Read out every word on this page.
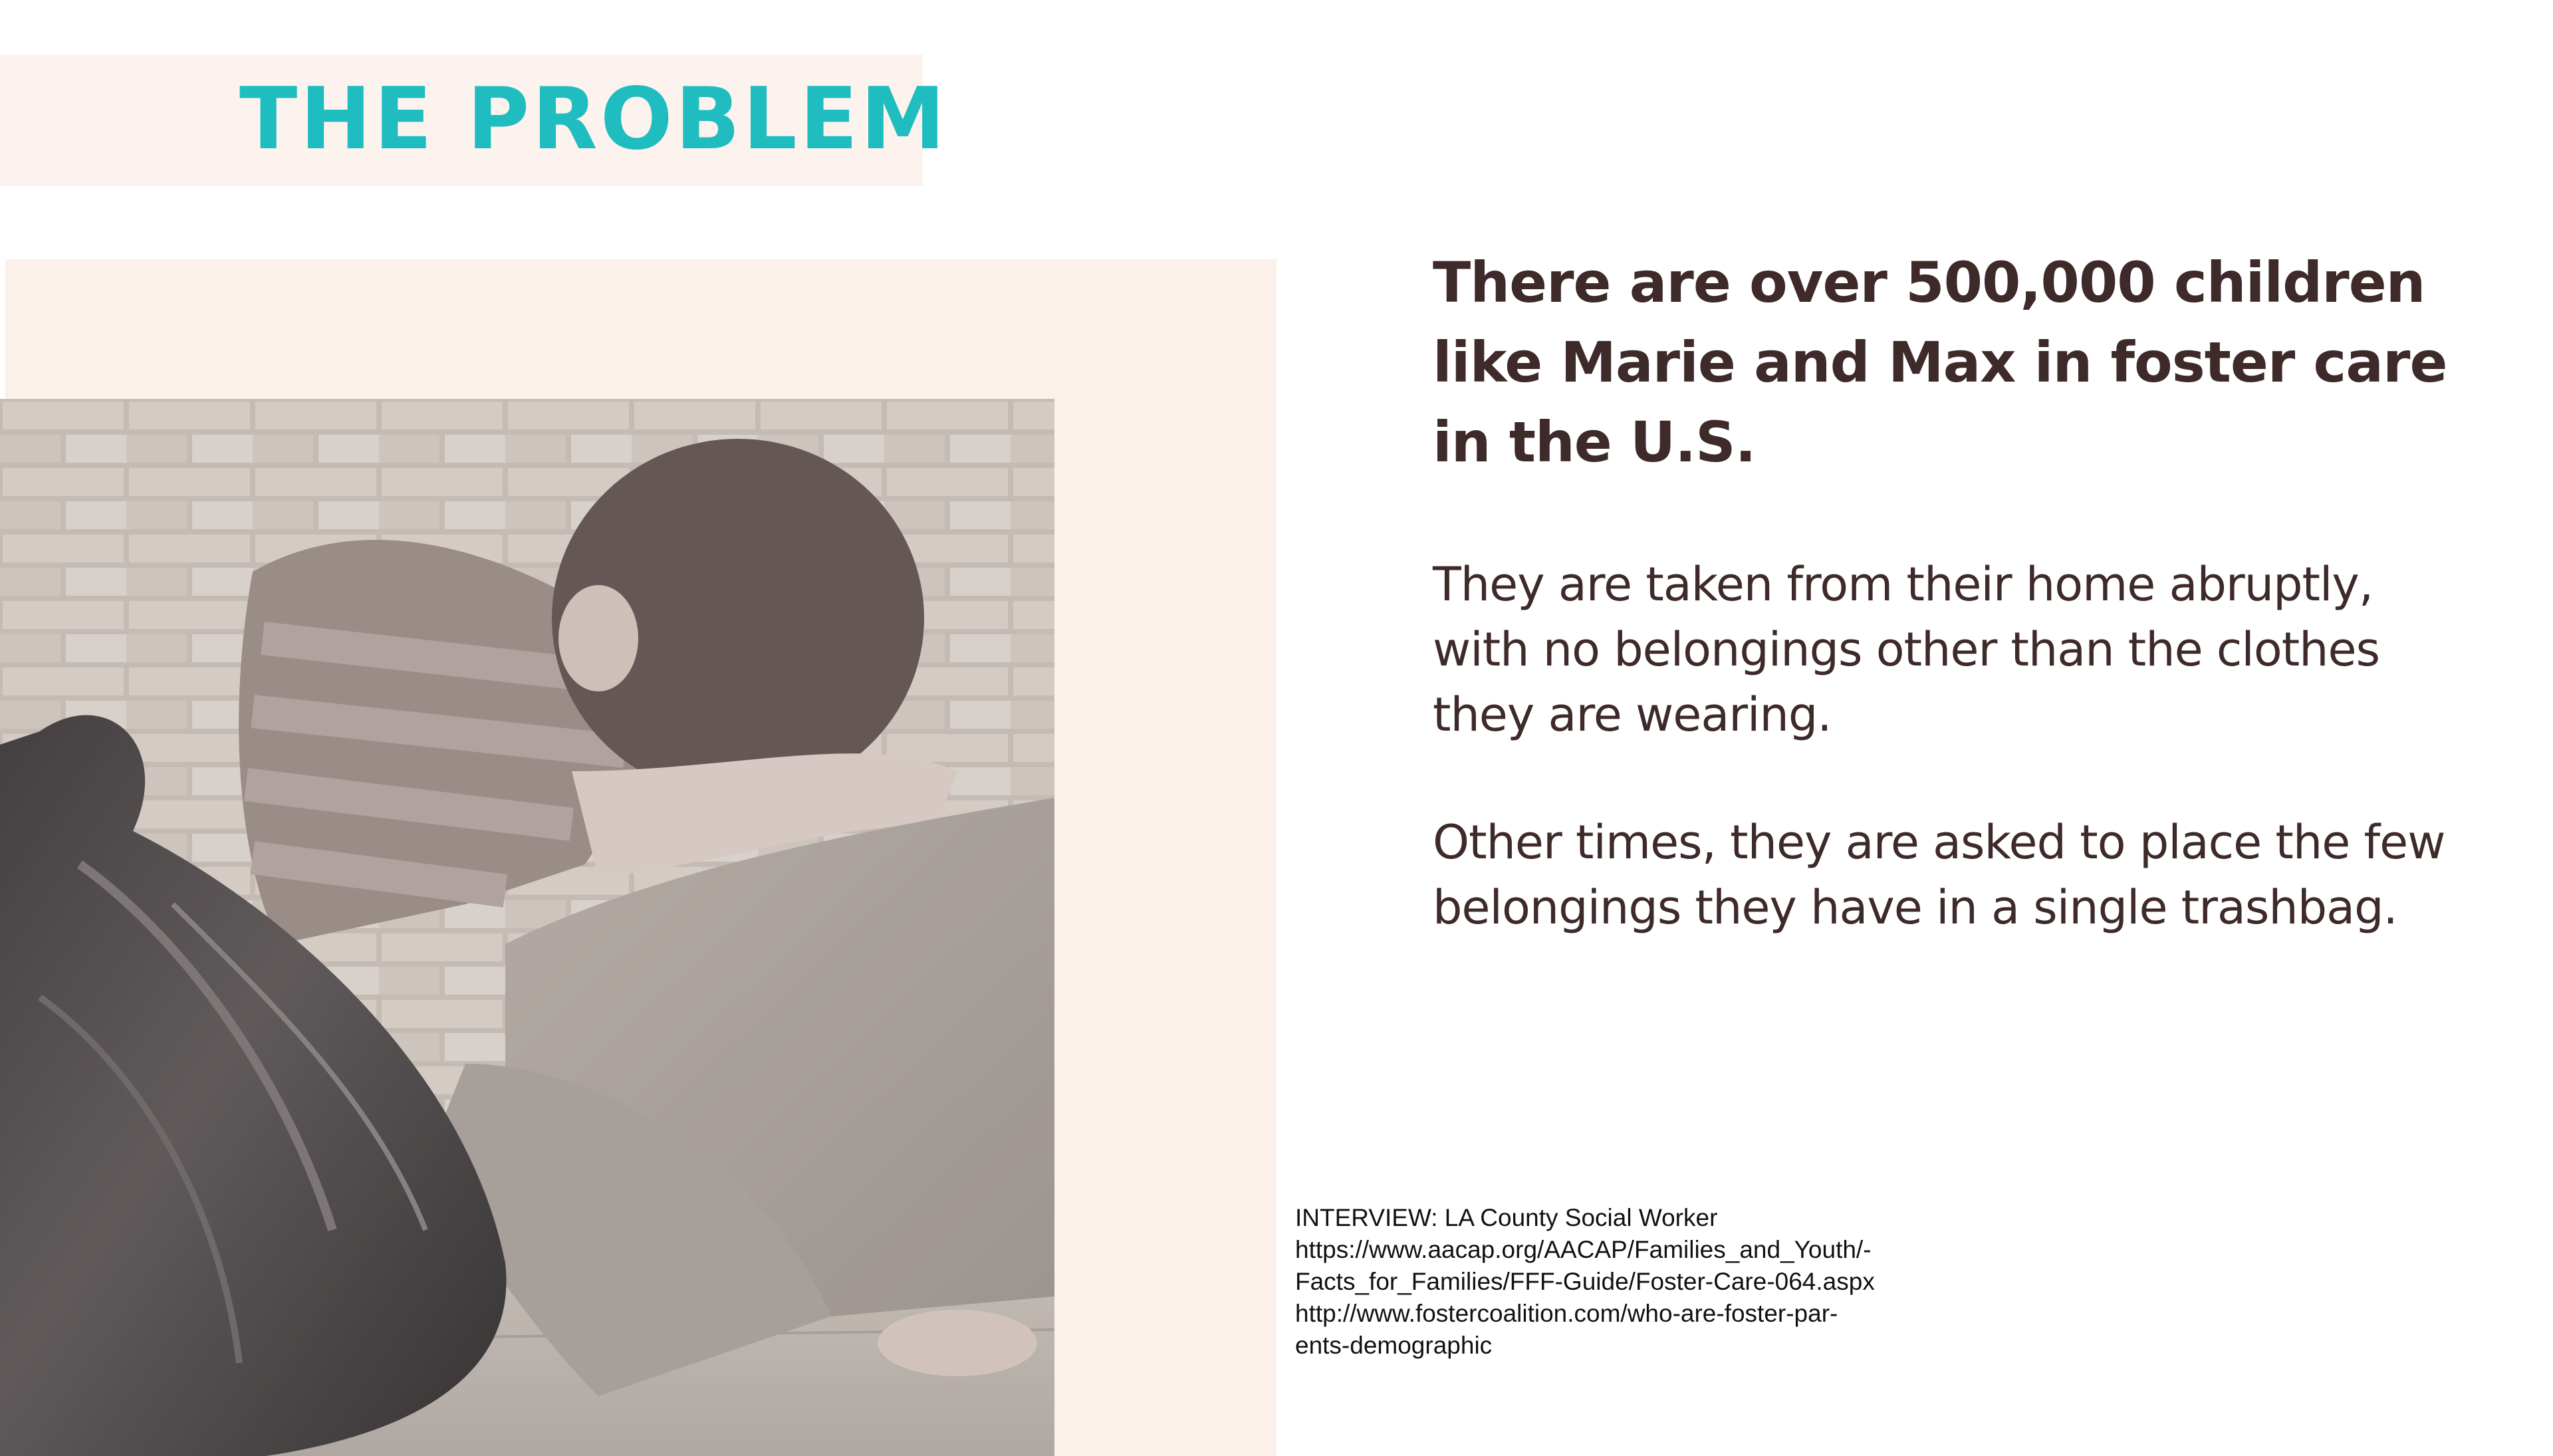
THE PROBLEM
There are over 500,000 children like Marie and Max in foster care in the U.S.

They are taken from their home abruptly, with no belongings other than the clothes they are wearing.

Other times, they are asked to place the few belongings they have in a single trashbag.

INTERVIEW: LA County Social Worker
https://www.aacap.org/AACAP/Families_and_Youth/-
Facts_for_Families/FFF-Guide/Foster-Care-064.aspx
http://www.fostercoalition.com/who-are-foster-par-
ents-demographic
